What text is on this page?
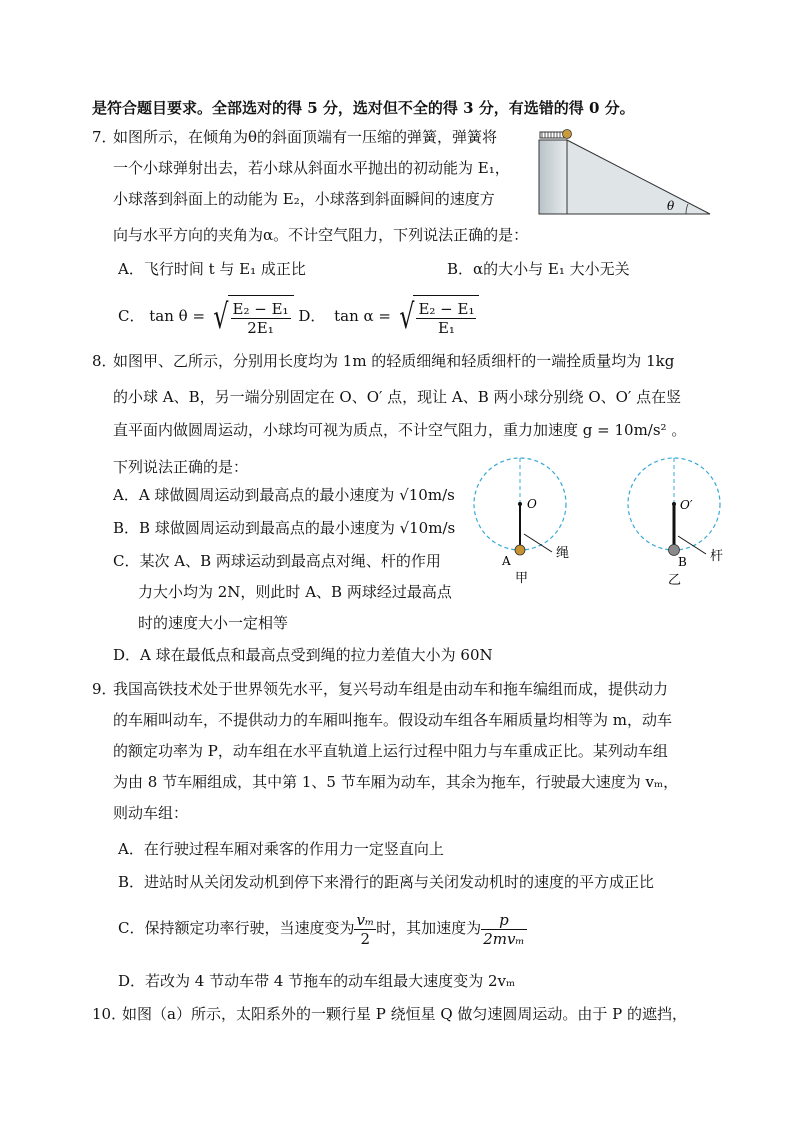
是符合题目要求。全部选对的得 5 分，选对但不全的得 3 分，有选错的得 0 分。
7．
如图所示，在倾角为θ的斜面顶端有一压缩的弹簧，弹簧将
一个小球弹射出去，若小球从斜面水平抛出的初动能为 E₁，
小球落到斜面上的动能为 E₂，小球落到斜面瞬间的速度方
向与水平方向的夹角为α。不计空气阻力，下列说法正确的是：
A．飞行时间 t 与 E₁ 成正比	B．α的大小与 E₁ 大小无关
C． tan θ = √ $\frac{\text{E₂ − E₁}}{\text{2E₁}}$ D． tan α = √ $\frac{\text{E₂ − E₁}}{\text{E₁}}$
θ
8．
如图甲、乙所示，分别用长度均为 1m 的轻质细绳和轻质细杆的一端拴质量均为 1kg
的小球 A、B，另一端分别固定在 O、O′ 点，现让 A、B 两小球分别绕 O、O′ 点在竖
直平面内做圆周运动，小球均可视为质点，不计空气阻力，重力加速度 g = 10m/s² 。
下列说法正确的是：
A．A 球做圆周运动到最高点的最小速度为 √10m/s
B．B 球做圆周运动到最高点的最小速度为 √10m/s
C．某次 A、B 两球运动到最高点对绳、杆的作用
力大小均为 2N，则此时 A、B 两球经过最高点
时的速度大小一定相等
D．A 球在最低点和最高点受到绳的拉力差值大小为 60N
O
绳
A
甲
O′
杆
B
乙
9．
我国高铁技术处于世界领先水平，复兴号动车组是由动车和拖车编组而成，提供动力
的车厢叫动车，不提供动力的车厢叫拖车。假设动车组各车厢质量均相等为 m，动车
的额定功率为 P，动车组在水平直轨道上运行过程中阻力与车重成正比。某列动车组
为由 8 节车厢组成，其中第 1、5 节车厢为动车，其余为拖车，行驶最大速度为 vₘ，
则动车组：
A．在行驶过程车厢对乘客的作用力一定竖直向上
B．进站时从关闭发动机到停下来滑行的距离与关闭发动机时的速度的平方成正比
C．保持额定功率行驶，当速度变为 $\frac{\text{vₘ}}{2}$ 时，其加速度为 $\frac{p}{\text{2mvₘ}}$
D．若改为 4 节动车带 4 节拖车的动车组最大速度变为 2vₘ
10．
如图（a）所示，太阳系外的一颗行星 P 绕恒星 Q 做匀速圆周运动。由于 P 的遮挡，
